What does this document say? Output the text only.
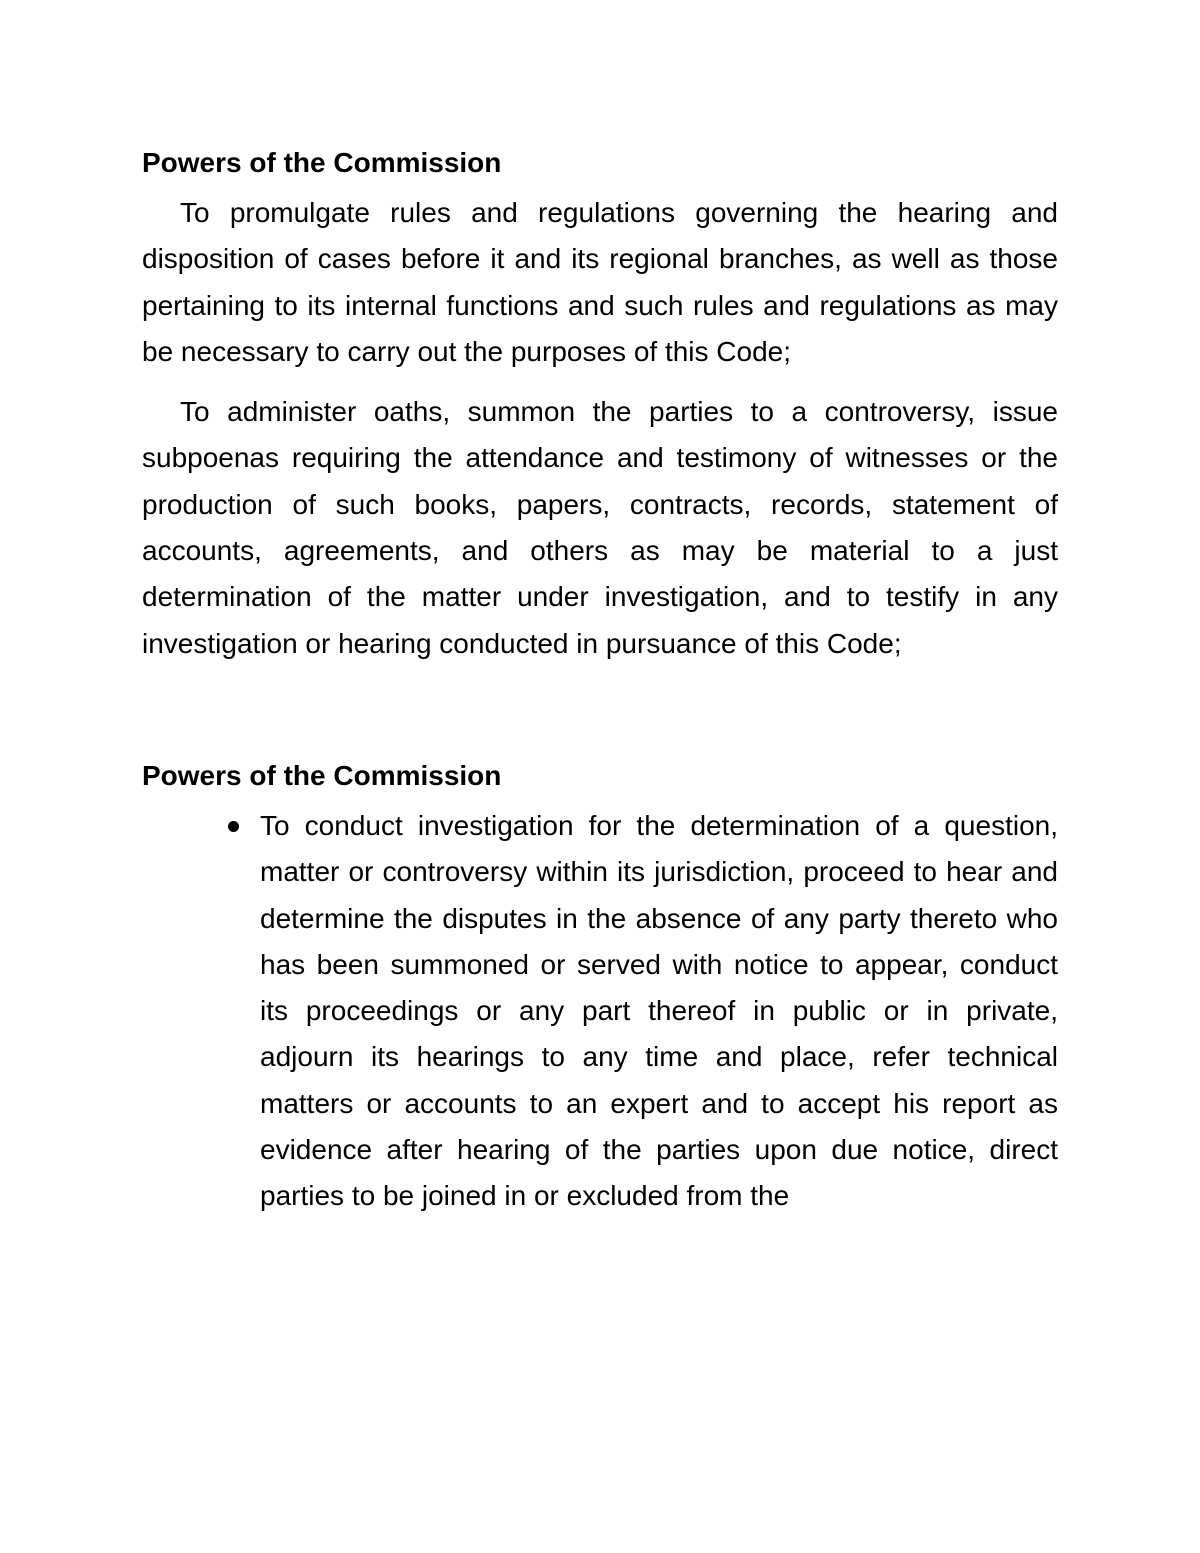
Powers of the Commission

To promulgate rules and regulations governing the hearing and disposition of cases before it and its regional branches, as well as those pertaining to its internal functions and such rules and regulations as may be necessary to carry out the purposes of this Code;

To administer oaths, summon the parties to a controversy, issue subpoenas requiring the attendance and testimony of witnesses or the production of such books, papers, contracts, records, statement of accounts, agreements, and others as may be material to a just determination of the matter under investigation, and to testify in any investigation or hearing conducted in pursuance of this Code;

Powers of the Commission
To conduct investigation for the determination of a question, matter or controversy within its jurisdiction, proceed to hear and determine the disputes in the absence of any party thereto who has been summoned or served with notice to appear, conduct its proceedings or any part thereof in public or in private, adjourn its hearings to any time and place, refer technical matters or accounts to an expert and to accept his report as evidence after hearing of the parties upon due notice, direct parties to be joined in or excluded from the
